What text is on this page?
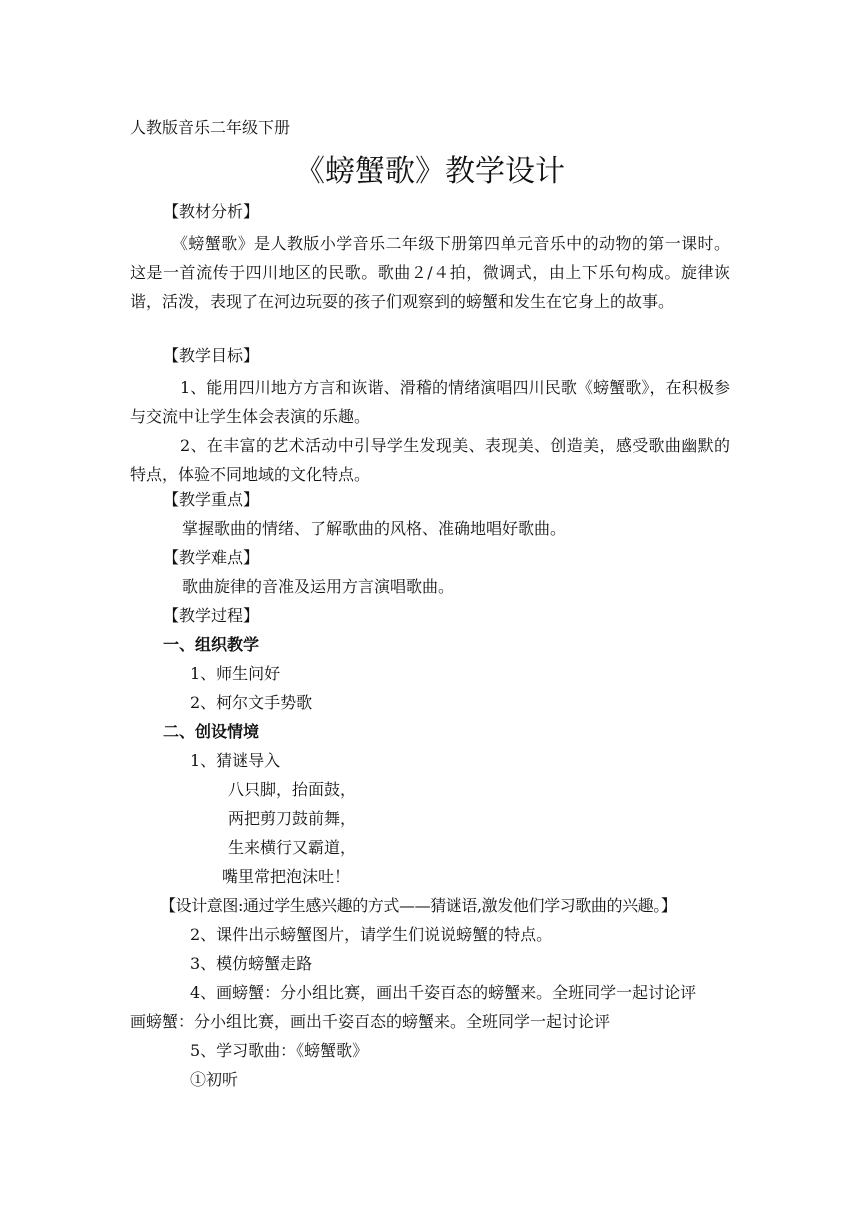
人教版音乐二年级下册

《螃蟹歌》教学设计

【教材分析】

《螃蟹歌》是人教版小学音乐二年级下册第四单元音乐中的动物的第一课时。这是一首流传于四川地区的民歌。歌曲２/４拍，微调式，由上下乐句构成。旋律诙谐，活泼，表现了在河边玩耍的孩子们观察到的螃蟹和发生在它身上的故事。

【教学目标】

1、能用四川地方方言和诙谐、滑稽的情绪演唱四川民歌《螃蟹歌》，在积极参与交流中让学生体会表演的乐趣。

2、在丰富的艺术活动中引导学生发现美、表现美、创造美，感受歌曲幽默的特点，体验不同地域的文化特点。

【教学重点】

掌握歌曲的情绪、了解歌曲的风格、准确地唱好歌曲。

【教学难点】

歌曲旋律的音准及运用方言演唱歌曲。

【教学过程】

一、组织教学

1、师生问好

2、柯尔文手势歌

二、创设情境

1、猜谜导入

八只脚，抬面鼓，

两把剪刀鼓前舞，

生来横行又霸道，

嘴里常把泡沫吐！

【设计意图:通过学生感兴趣的方式——猜谜语,激发他们学习歌曲的兴趣。】

2、课件出示螃蟹图片，请学生们说说螃蟹的特点。

3、模仿螃蟹走路

4、画螃蟹：分小组比赛，画出千姿百态的螃蟹来。全班同学一起讨论评

画螃蟹：分小组比赛，画出千姿百态的螃蟹来。全班同学一起讨论评

5、学习歌曲：《螃蟹歌》

①初听
